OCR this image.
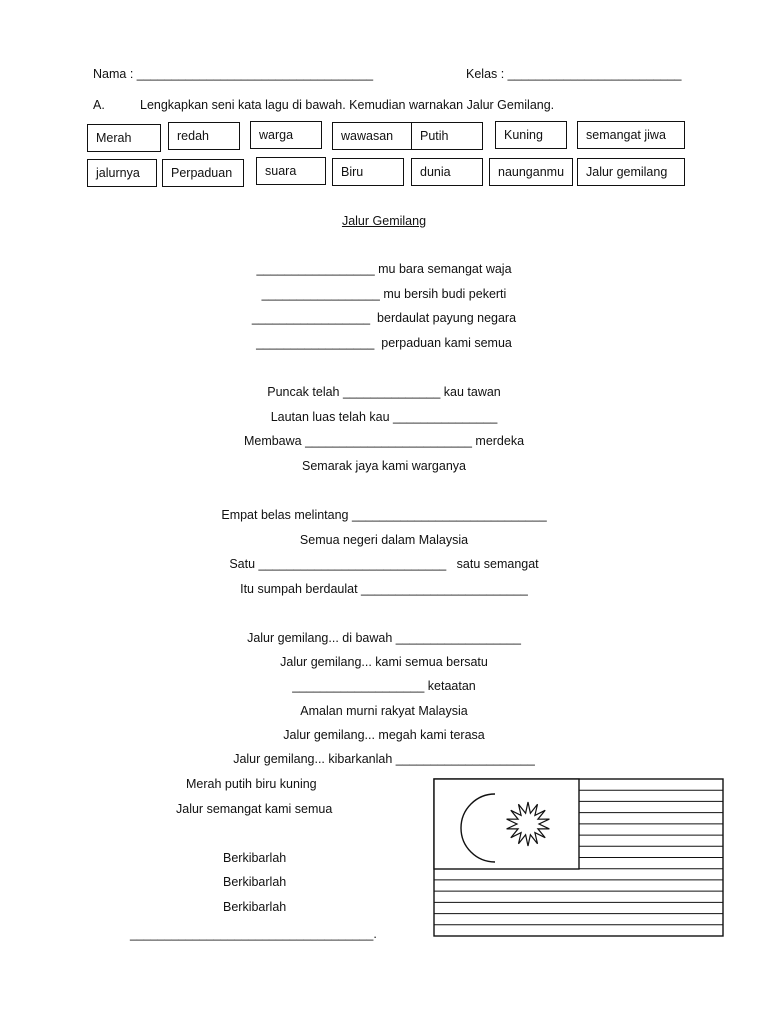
Nama : __________________________________	Kelas : _________________________
A.	Lengkapkan seni kata lagu di bawah. Kemudian warnakan Jalur Gemilang.
Merah	redah	warga	wawasan	Putih	Kuning	semangat jiwa
jalurnya	Perpaduan	suara	Biru	dunia	naunganmu	Jalur gemilang
Jalur Gemilang
_________________ mu bara semangat waja
_________________ mu bersih budi pekerti
_________________  berdaulat payung negara
_________________  perpaduan kami semua
Puncak telah ______________ kau tawan
Lautan luas telah kau _______________
Membawa ________________________ merdeka
Semarak jaya kami warganya
Empat belas melintang ____________________________
Semua negeri dalam Malaysia
Satu ___________________________   satu semangat
Itu sumpah berdaulat ________________________
Jalur gemilang... di bawah __________________
Jalur gemilang... kami semua bersatu
___________________ ketaatan
Amalan murni rakyat Malaysia
Jalur gemilang... megah kami terasa
Jalur gemilang... kibarkanlah ____________________
Merah putih biru kuning
Jalur semangat kami semua
Berkibarlah
Berkibarlah
Berkibarlah
___________________________________.
